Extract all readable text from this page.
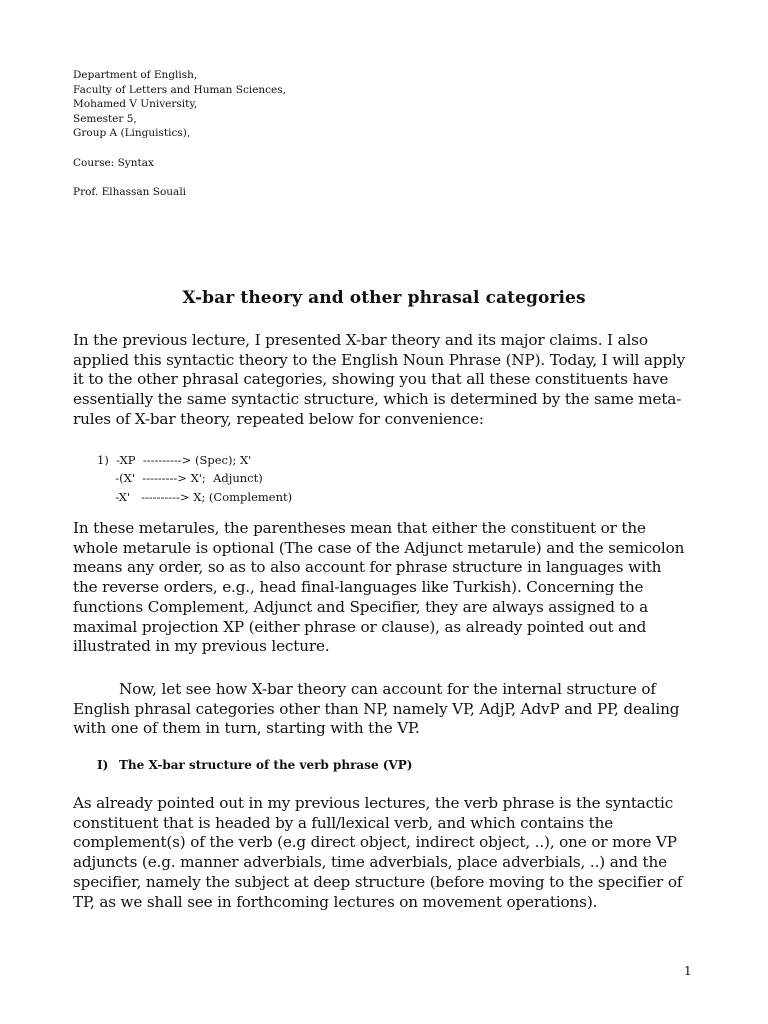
Department of English,
Faculty of Letters and Human Sciences,
Mohamed V University,
Semester 5,
Group A (Linguistics),
Course: Syntax
Prof. Elhassan Souali
X-bar theory and other phrasal categories
In the previous lecture, I presented X-bar theory and its major claims. I also
applied this syntactic theory to the English Noun Phrase (NP). Today, I will apply
it to the other phrasal categories, showing you that all these constituents have
essentially the same syntactic structure, which is determined by the same meta-
rules of X-bar theory, repeated below for convenience:
1)  -XP  ----------> (Spec); X'
-(X'  ---------> X';  Adjunct)
-X'   ----------> X; (Complement)
In these metarules, the parentheses mean that either the constituent or the
whole metarule is optional (The case of the Adjunct metarule) and the semicolon
means any order, so as to also account for phrase structure in languages with
the reverse orders, e.g., head final-languages like Turkish). Concerning the
functions Complement, Adjunct and Specifier, they are always assigned to a
maximal projection XP (either phrase or clause), as already pointed out and
illustrated in my previous lecture.
Now, let see how X-bar theory can account for the internal structure of
English phrasal categories other than NP, namely VP, AdjP, AdvP and PP, dealing
with one of them in turn, starting with the VP.
I) The X-bar structure of the verb phrase (VP)
As already pointed out in my previous lectures, the verb phrase is the syntactic
constituent that is headed by a full/lexical verb, and which contains the
complement(s) of the verb (e.g direct object, indirect object, ..), one or more VP
adjuncts (e.g. manner adverbials, time adverbials, place adverbials, ..) and the
specifier, namely the subject at deep structure (before moving to the specifier of
TP, as we shall see in forthcoming lectures on movement operations).
1
